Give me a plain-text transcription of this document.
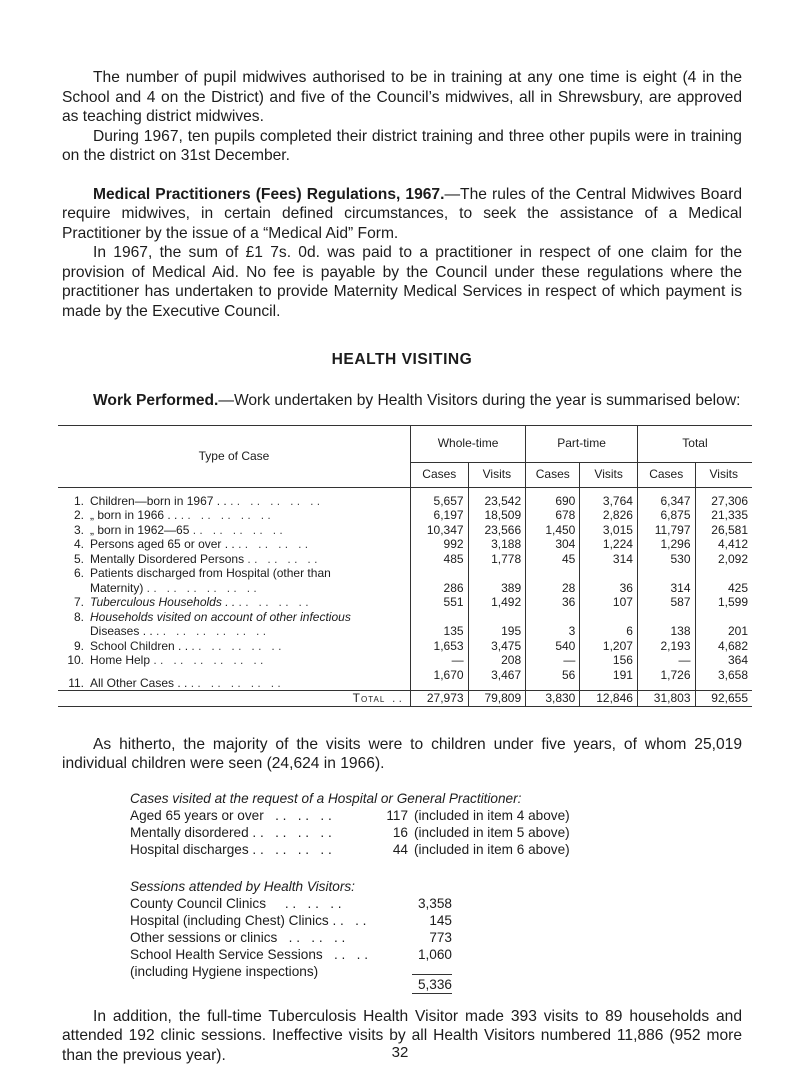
The number of pupil midwives authorised to be in training at any one time is eight (4 in the School and 4 on the District) and five of the Council’s midwives, all in Shrewsbury, are approved as teaching district midwives.

During 1967, ten pupils completed their district training and three other pupils were in training on the district on 31st December.

Medical Practitioners (Fees) Regulations, 1967.—The rules of the Central Midwives Board require midwives, in certain defined circumstances, to seek the assistance of a Medical Practitioner by the issue of a “Medical Aid” Form.

In 1967, the sum of £1 7s. 0d. was paid to a practitioner in respect of one claim for the provision of Medical Aid. No fee is payable by the Council under these regulations where the practitioner has undertaken to provide Maternity Medical Services in respect of which payment is made by the Executive Council.

HEALTH VISITING

Work Performed.—Work undertaken by Health Visitors during the year is summarised below:

Type of Case	Whole-time		Part-time		Total	
	Cases	Visits	Cases	Visits	Cases	Visits

1. Children—born in 1967 . . . .   . .   . .   . .   . .	5,657	23,542	690	3,764	6,347	27,306

2. „ born in 1966 . . . .   . .   . .   . .   . .	6,197	18,509	678	2,826	6,875	21,335

3. „ born in 1962—65 . .   . .   . .   . .   . .	10,347	23,566	1,450	3,015	11,797	26,581

4. Persons aged 65 or over . . . .   . .   . .   . .	992	3,188	304	1,224	1,296	4,412

5. Mentally Disordered Persons . .   . .   . .   . .	485	1,778	45	314	530	2,092

6. Patients discharged from Hospital (other than						

Maternity) . .   . .   . .   . .   . .   . .	286	389	28	36	314	425

7. Tuberculous Households . . . .   . .   . .   . .	551	1,492	36	107	587	1,599

8. Households visited on account of other infectious						

Diseases . . . .   . .   . .   . .   . .   . .	135	195	3	6	138	201

9. School Children . . . .   . .   . .   . .   . .	1,653	3,475	540	1,207	2,193	4,682

10. Home Help . .   . .   . .   . .   . .   . .	—	208	—	156	—	364

11. All Other Cases . . . .   . .   . .   . .   . .	1,670	3,467	56	191	1,726	3,658
Total . .	27,973	79,809	3,830	12,846	31,803	92,655

As hitherto, the majority of the visits were to children under five years, of whom 25,019 individual children were seen (24,624 in 1966).

Cases visited at the request of a Hospital or General Practitioner:
Aged 65 years or over   . .   . .   . .	117 (included in item 4 above)
Mentally disordered . .   . .   . .   . .	16 (included in item 5 above)
Hospital discharges . .   . .   . .   . .	44 (included in item 6 above)
Sessions attended by Health Visitors:
County Council Clinics     . .   . .   . .	3,358
Hospital (including Chest) Clinics . .   . .	145
Other sessions or clinics   . .   . .   . .	773
School Health Service Sessions   . .   . .	1,060
(including Hygiene inspections)
5,336

In addition, the full-time Tuberculosis Health Visitor made 393 visits to 89 households and attended 192 clinic sessions. Ineffective visits by all Health Visitors numbered 11,886 (952 more than the previous year).	32
